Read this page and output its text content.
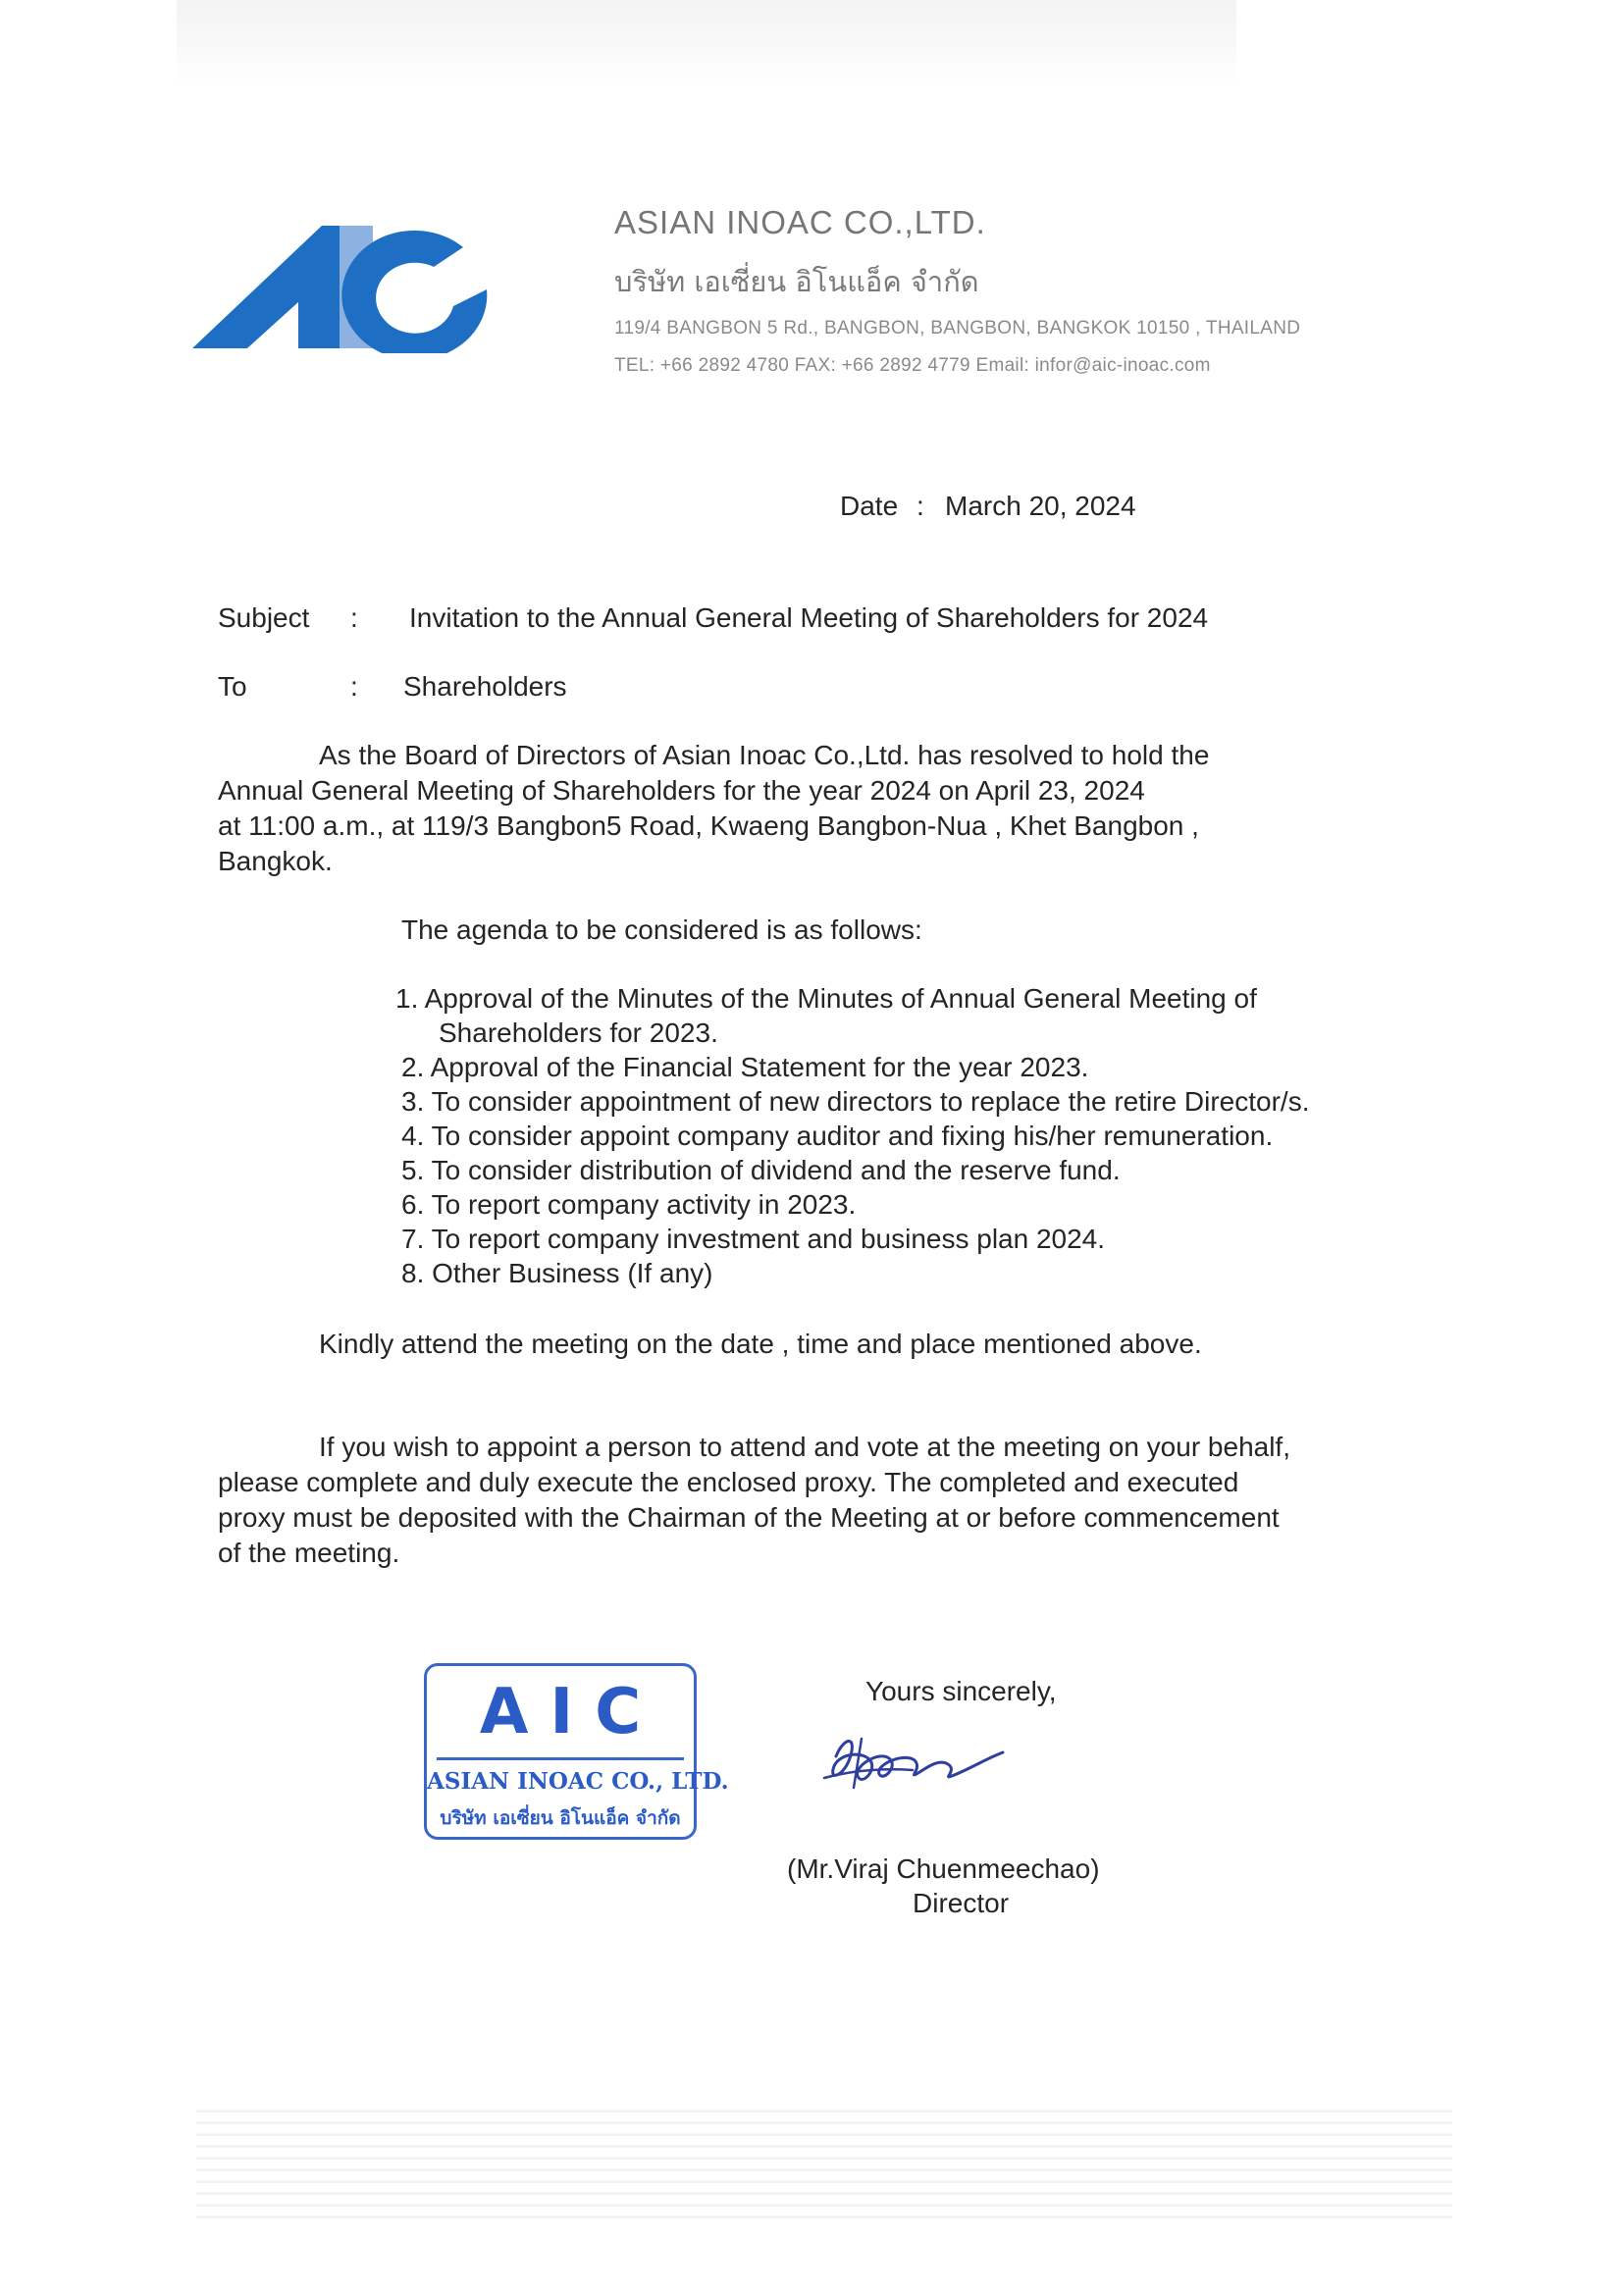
ASIAN INOAC CO.,LTD.
บริษัท เอเซี่ยน อิโนแอ็ค จำกัด
119/4 BANGBON 5 Rd., BANGBON, BANGBON, BANGKOK 10150 , THAILAND
TEL: +66 2892 4780 FAX: +66 2892 4779 Email: infor@aic-inoac.com
Date : March 20, 2024
Subject : Invitation to the Annual General Meeting of Shareholders for 2024
To	: Shareholders
As the Board of Directors of Asian Inoac Co.,Ltd. has resolved to hold the
Annual General Meeting of Shareholders for the year 2024 on April 23, 2024
at 11:00 a.m., at 119/3 Bangbon5 Road, Kwaeng Bangbon-Nua , Khet Bangbon ,
Bangkok.
The agenda to be considered is as follows:
1. Approval of the Minutes of the Minutes of Annual General Meeting of
Shareholders for 2023.
2. Approval of the Financial Statement for the year 2023.
3. To consider appointment of new directors to replace the retire Director/s.
4. To consider appoint company auditor and fixing his/her remuneration.
5. To consider distribution of dividend and the reserve fund.
6. To report company activity in 2023.
7. To report company investment and business plan 2024.
8. Other Business (If any)
Kindly attend the meeting on the date , time and place mentioned above.
If you wish to appoint a person to attend and vote at the meeting on your behalf,
please complete and duly execute the enclosed proxy. The completed and executed
proxy must be deposited with the Chairman of the Meeting at or before commencement
of the meeting.
Yours sincerely,
AIC
ASIAN INOAC CO., LTD.
บริษัท เอเซี่ยน อิโนแอ็ค จำกัด
(Mr.Viraj Chuenmeechao)
Director
